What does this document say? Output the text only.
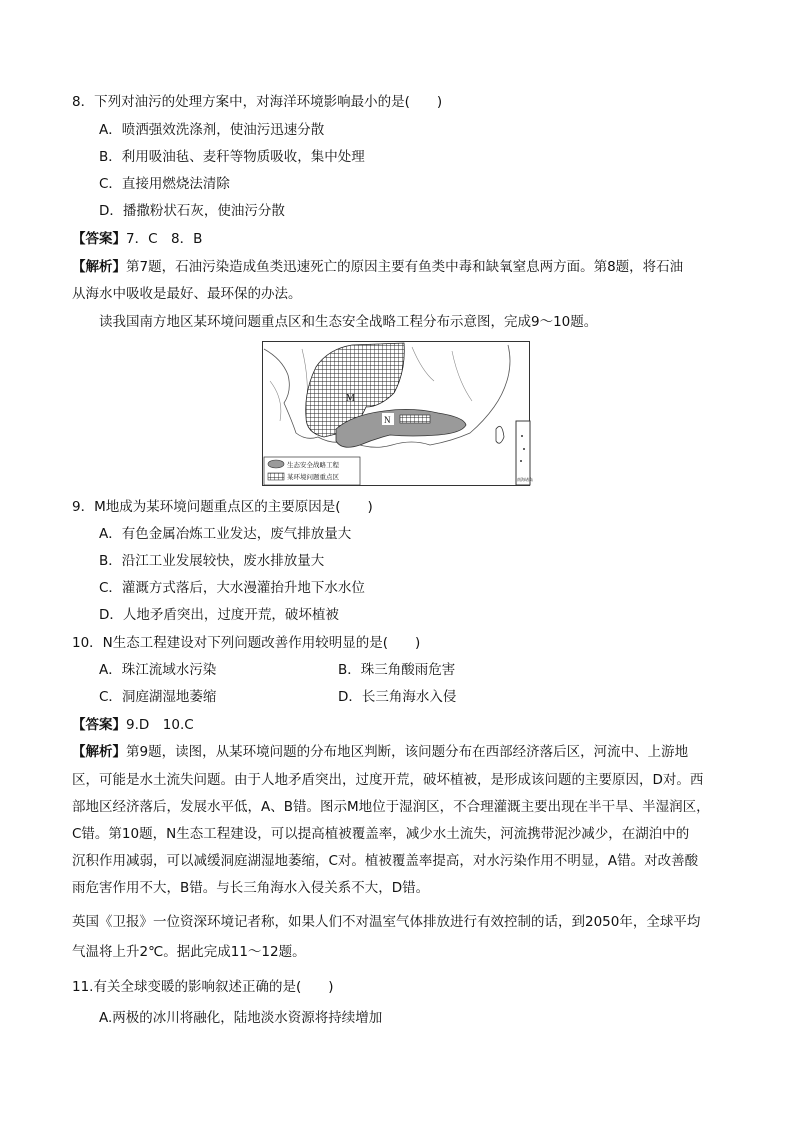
8．下列对油污的处理方案中，对海洋环境影响最小的是(　　)
A．喷洒强效洗涤剂，使油污迅速分散
B．利用吸油毡、麦秆等物质吸收，集中处理
C．直接用燃烧法清除
D．播撒粉状石灰，使油污分散
【答案】7．C　8．B
【解析】第7题，石油污染造成鱼类迅速死亡的原因主要有鱼类中毒和缺氧窒息两方面。第8题，将石油
从海水中吸收是最好、最环保的办法。
读我国南方地区某环境问题重点区和生态安全战略工程分布示意图，完成9～10题。
M
N
南海诸岛
生态安全战略工程
某环境问题重点区
9．M地成为某环境问题重点区的主要原因是(　　)
A．有色金属冶炼工业发达，废气排放量大
B．沿江工业发展较快，废水排放量大
C．灌溉方式落后，大水漫灌抬升地下水水位
D．人地矛盾突出，过度开荒，破坏植被
10．N生态工程建设对下列问题改善作用较明显的是(　　)
A．珠江流域水污染	B．珠三角酸雨危害
C．洞庭湖湿地萎缩	D．长三角海水入侵
【答案】9.D　10.C
【解析】第9题，读图，从某环境问题的分布地区判断，该问题分布在西部经济落后区，河流中、上游地
区，可能是水土流失问题。由于人地矛盾突出，过度开荒，破坏植被，是形成该问题的主要原因，D对。西
部地区经济落后，发展水平低，A、B错。图示M地位于湿润区，不合理灌溉主要出现在半干旱、半湿润区，
C错。第10题，N生态工程建设，可以提高植被覆盖率，减少水土流失，河流携带泥沙减少，在湖泊中的
沉积作用减弱，可以减缓洞庭湖湿地萎缩，C对。植被覆盖率提高，对水污染作用不明显，A错。对改善酸
雨危害作用不大，B错。与长三角海水入侵关系不大，D错。
英国《卫报》一位资深环境记者称，如果人们不对温室气体排放进行有效控制的话，到2050年，全球平均
气温将上升2℃。据此完成11～12题。
11.有关全球变暖的影响叙述正确的是(　　)
A.两极的冰川将融化，陆地淡水资源将持续增加
